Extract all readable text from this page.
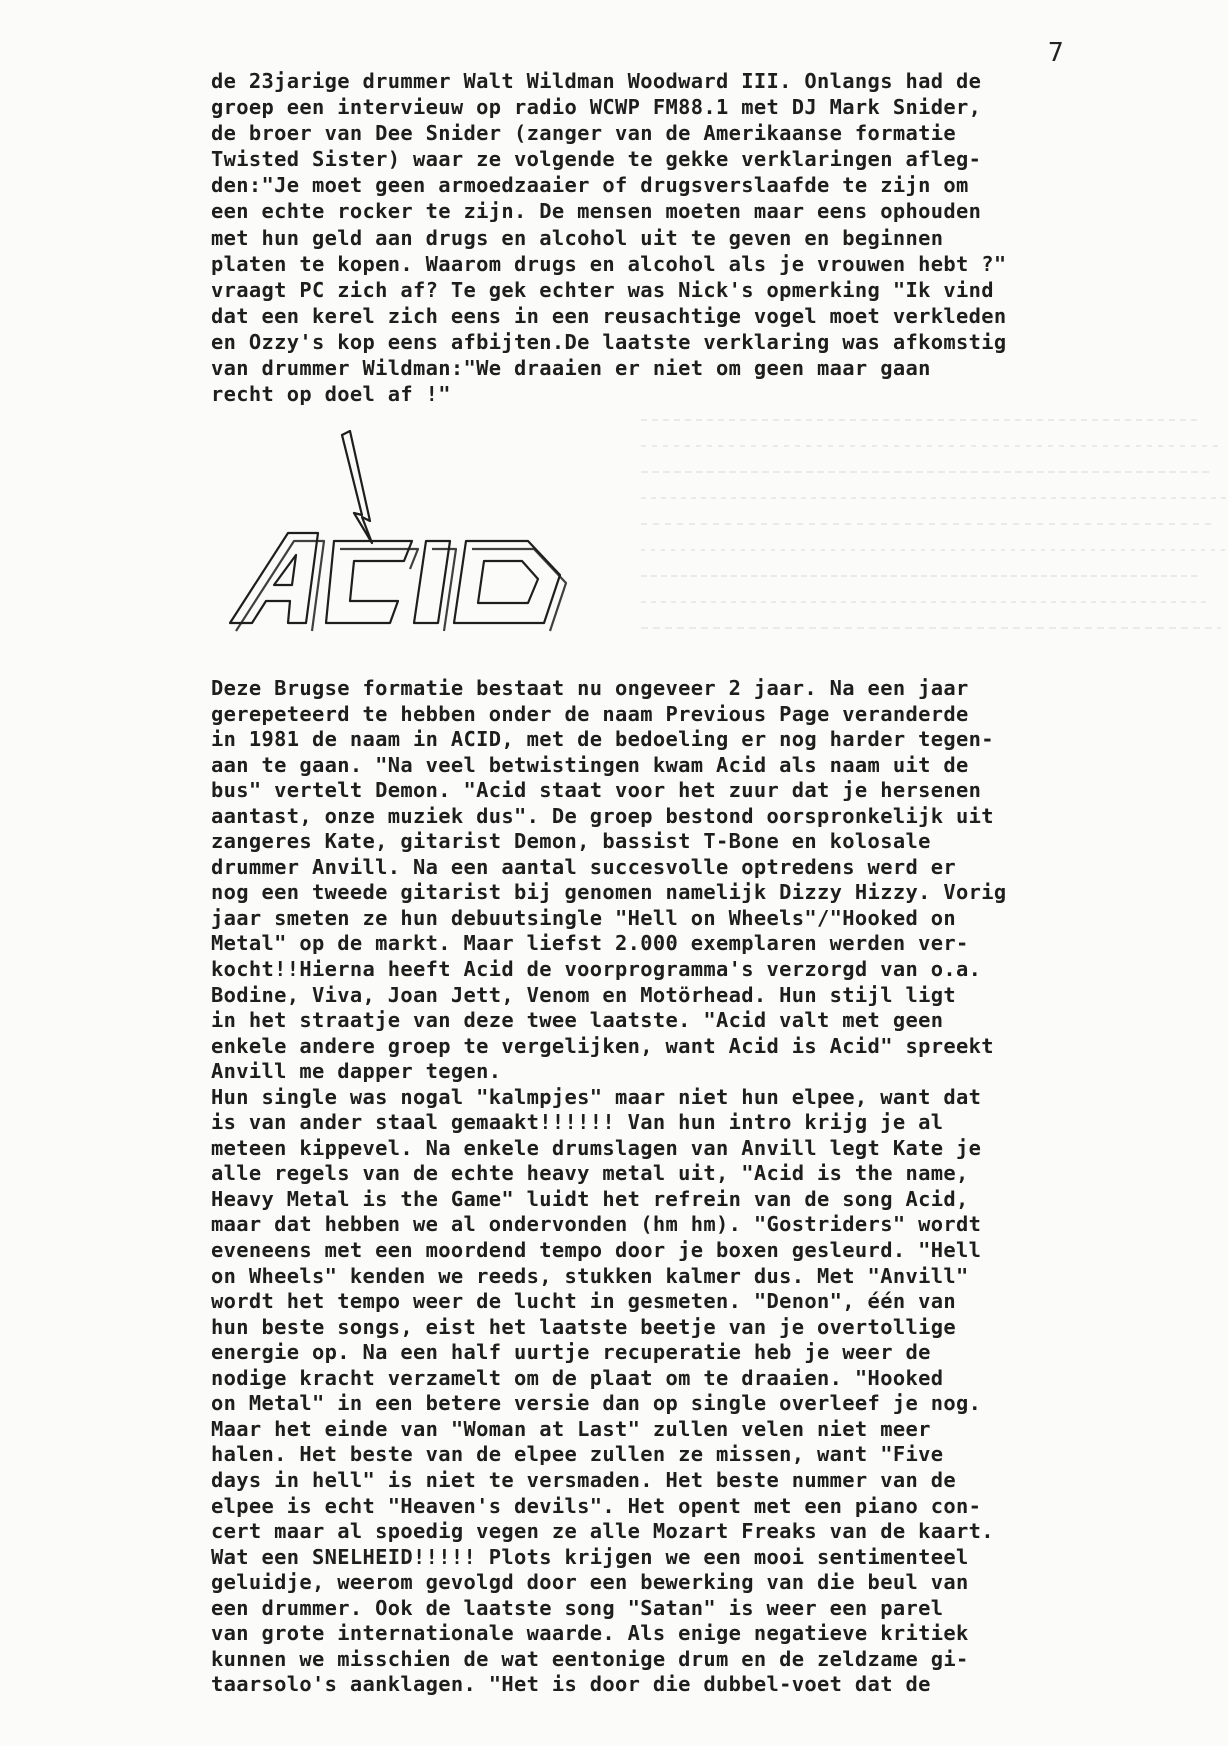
7
de 23jarige drummer Walt Wildman Woodward III. Onlangs had de
groep een intervieuw op radio WCWP FM88.1 met DJ Mark Snider,
de broer van Dee Snider (zanger van de Amerikaanse formatie
Twisted Sister) waar ze volgende te gekke verklaringen afleg-
den:"Je moet geen armoedzaaier of drugsverslaafde te zijn om
een echte rocker te zijn. De mensen moeten maar eens ophouden
met hun geld aan drugs en alcohol uit te geven en beginnen
platen te kopen. Waarom drugs en alcohol als je vrouwen hebt ?"
vraagt PC zich af? Te gek echter was Nick's opmerking "Ik vind
dat een kerel zich eens in een reusachtige vogel moet verkleden
en Ozzy's kop eens afbijten.De laatste verklaring was afkomstig
van drummer Wildman:"We draaien er niet om geen maar gaan
recht op doel af !"
Deze Brugse formatie bestaat nu ongeveer 2 jaar. Na een jaar
gerepeteerd te hebben onder de naam Previous Page veranderde
in 1981 de naam in ACID, met de bedoeling er nog harder tegen-
aan te gaan. "Na veel betwistingen kwam Acid als naam uit de
bus" vertelt Demon. "Acid staat voor het zuur dat je hersenen
aantast, onze muziek dus". De groep bestond oorspronkelijk uit
zangeres Kate, gitarist Demon, bassist T-Bone en kolosale
drummer Anvill. Na een aantal succesvolle optredens werd er
nog een tweede gitarist bij genomen namelijk Dizzy Hizzy. Vorig
jaar smeten ze hun debuutsingle "Hell on Wheels"/"Hooked on
Metal" op de markt. Maar liefst 2.000 exemplaren werden ver-
kocht!!Hierna heeft Acid de voorprogramma's verzorgd van o.a.
Bodine, Viva, Joan Jett, Venom en Motörhead. Hun stijl ligt
in het straatje van deze twee laatste. "Acid valt met geen
enkele andere groep te vergelijken, want Acid is Acid" spreekt
Anvill me dapper tegen.
Hun single was nogal "kalmpjes" maar niet hun elpee, want dat
is van ander staal gemaakt!!!!!! Van hun intro krijg je al
meteen kippevel. Na enkele drumslagen van Anvill legt Kate je
alle regels van de echte heavy metal uit, "Acid is the name,
Heavy Metal is the Game" luidt het refrein van de song Acid,
maar dat hebben we al ondervonden (hm hm). "Gostriders" wordt
eveneens met een moordend tempo door je boxen gesleurd. "Hell
on Wheels" kenden we reeds, stukken kalmer dus. Met "Anvill"
wordt het tempo weer de lucht in gesmeten. "Denon", één van
hun beste songs, eist het laatste beetje van je overtollige
energie op. Na een half uurtje recuperatie heb je weer de
nodige kracht verzamelt om de plaat om te draaien. "Hooked
on Metal" in een betere versie dan op single overleef je nog.
Maar het einde van "Woman at Last" zullen velen niet meer
halen. Het beste van de elpee zullen ze missen, want "Five
days in hell" is niet te versmaden. Het beste nummer van de
elpee is echt "Heaven's devils". Het opent met een piano con-
cert maar al spoedig vegen ze alle Mozart Freaks van de kaart.
Wat een SNELHEID!!!!! Plots krijgen we een mooi sentimenteel
geluidje, weerom gevolgd door een bewerking van die beul van
een drummer. Ook de laatste song "Satan" is weer een parel
van grote internationale waarde. Als enige negatieve kritiek
kunnen we misschien de wat eentonige drum en de zeldzame gi-
taarsolo's aanklagen. "Het is door die dubbel-voet dat de
